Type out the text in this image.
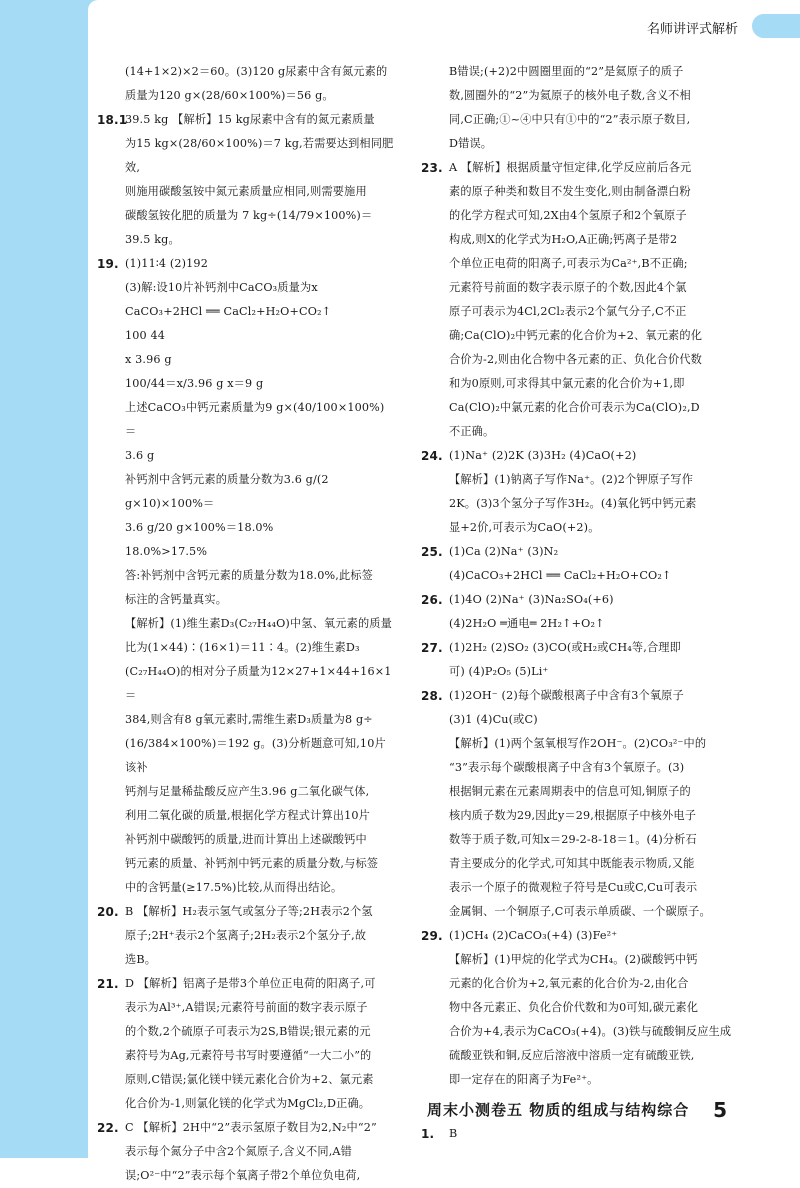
名师讲评式解析
(14+1×2)×2＝60。(3)120 g尿素中含有氮元素的
质量为120 g×(28/60×100%)＝56 g。
18.1
39.5 kg 【解析】15 kg尿素中含有的氮元素质量
为15 kg×(28/60×100%)＝7 kg,若需要达到相同肥效,
则施用碳酸氢铵中氮元素质量应相同,则需要施用
碳酸氢铵化肥的质量为 7 kg÷(14/79×100%)＝
39.5 kg。
19. (1)11∶4 (2)192
(3)解:设10片补钙剂中CaCO₃质量为x
CaCO₃+2HCl ══ CaCl₂+H₂O+CO₂↑
100 44
x 3.96 g
100/44＝x/3.96 g x＝9 g
上述CaCO₃中钙元素质量为9 g×(40/100×100%)＝
3.6 g
补钙剂中含钙元素的质量分数为3.6 g/(2 g×10)×100%＝
3.6 g/20 g×100%＝18.0%
18.0%>17.5%
答:补钙剂中含钙元素的质量分数为18.0%,此标签
标注的含钙量真实。
【解析】(1)维生素D₃(C₂₇H₄₄O)中氢、氧元素的质量
比为(1×44)∶(16×1)＝11∶4。(2)维生素D₃
(C₂₇H₄₄O)的相对分子质量为12×27+1×44+16×1＝
384,则含有8 g氧元素时,需维生素D₃质量为8 g÷
(16/384×100%)＝192 g。(3)分析题意可知,10片该补
钙剂与足量稀盐酸反应产生3.96 g二氧化碳气体,
利用二氧化碳的质量,根据化学方程式计算出10片
补钙剂中碳酸钙的质量,进而计算出上述碳酸钙中
钙元素的质量、补钙剂中钙元素的质量分数,与标签
中的含钙量(≥17.5%)比较,从而得出结论。
20. B 【解析】H₂表示氢气或氢分子等;2H表示2个氢
原子;2H⁺表示2个氢离子;2H₂表示2个氢分子,故
选B。
21. D 【解析】铝离子是带3个单位正电荷的阳离子,可
表示为Al³⁺,A错误;元素符号前面的数字表示原子
的个数,2个硫原子可表示为2S,B错误;银元素的元
素符号为Ag,元素符号书写时要遵循“一大二小”的
原则,C错误;氯化镁中镁元素化合价为+2、氯元素
化合价为-1,则氯化镁的化学式为MgCl₂,D正确。
22. C 【解析】2H中“2”表示氢原子数目为2,N₂中“2”
表示每个氮分子中含2个氮原子,含义不同,A错
误;O²⁻中“2”表示每个氧离子带2个单位负电荷,
B错误;(+2)2中圆圈里面的“2”是氦原子的质子
数,圆圈外的“2”为氦原子的核外电子数,含义不相
同,C正确;①~④中只有①中的“2”表示原子数目,
D错误。
23. A 【解析】根据质量守恒定律,化学反应前后各元
素的原子种类和数目不发生变化,则由制备漂白粉
的化学方程式可知,2X由4个氢原子和2个氧原子
构成,则X的化学式为H₂O,A正确;钙离子是带2
个单位正电荷的阳离子,可表示为Ca²⁺,B不正确;
元素符号前面的数字表示原子的个数,因此4个氯
原子可表示为4Cl,2Cl₂表示2个氯气分子,C不正
确;Ca(ClO)₂中钙元素的化合价为+2、氧元素的化
合价为-2,则由化合物中各元素的正、负化合价代数
和为0原则,可求得其中氯元素的化合价为+1,即
Ca(ClO)₂中氯元素的化合价可表示为Ca(ClO)₂,D
不正确。
24. (1)Na⁺ (2)2K (3)3H₂ (4)CaO(+2)
【解析】(1)钠离子写作Na⁺。(2)2个钾原子写作
2K。(3)3个氢分子写作3H₂。(4)氧化钙中钙元素
显+2价,可表示为CaO(+2)。
25. (1)Ca (2)Na⁺ (3)N₂
(4)CaCO₃+2HCl ══ CaCl₂+H₂O+CO₂↑
26. (1)4O (2)Na⁺ (3)Na₂SO₄(+6)
(4)2H₂O ═通电═ 2H₂↑+O₂↑
27. (1)2H₂ (2)SO₂ (3)CO(或H₂或CH₄等,合理即
可) (4)P₂O₅ (5)Li⁺
28. (1)2OH⁻ (2)每个碳酸根离子中含有3个氧原子
(3)1 (4)Cu(或C)
【解析】(1)两个氢氧根写作2OH⁻。(2)CO₃²⁻中的
“3”表示每个碳酸根离子中含有3个氧原子。(3)
根据铜元素在元素周期表中的信息可知,铜原子的
核内质子数为29,因此y＝29,根据原子中核外电子
数等于质子数,可知x＝29-2-8-18＝1。(4)分析石
青主要成分的化学式,可知其中既能表示物质,又能
表示一个原子的微观粒子符号是Cu或C,Cu可表示
金属铜、一个铜原子,C可表示单质碳、一个碳原子。
29. (1)CH₄ (2)CaCO₃(+4) (3)Fe²⁺
【解析】(1)甲烷的化学式为CH₄。(2)碳酸钙中钙
元素的化合价为+2,氧元素的化合价为-2,由化合
物中各元素正、负化合价代数和为0可知,碳元素化
合价为+4,表示为CaCO₃(+4)。(3)铁与硫酸铜反应生成
硫酸亚铁和铜,反应后溶液中溶质一定有硫酸亚铁,
即一定存在的阳离子为Fe²⁺。
周末小测卷五 物质的组成与结构综合
1. B
5
